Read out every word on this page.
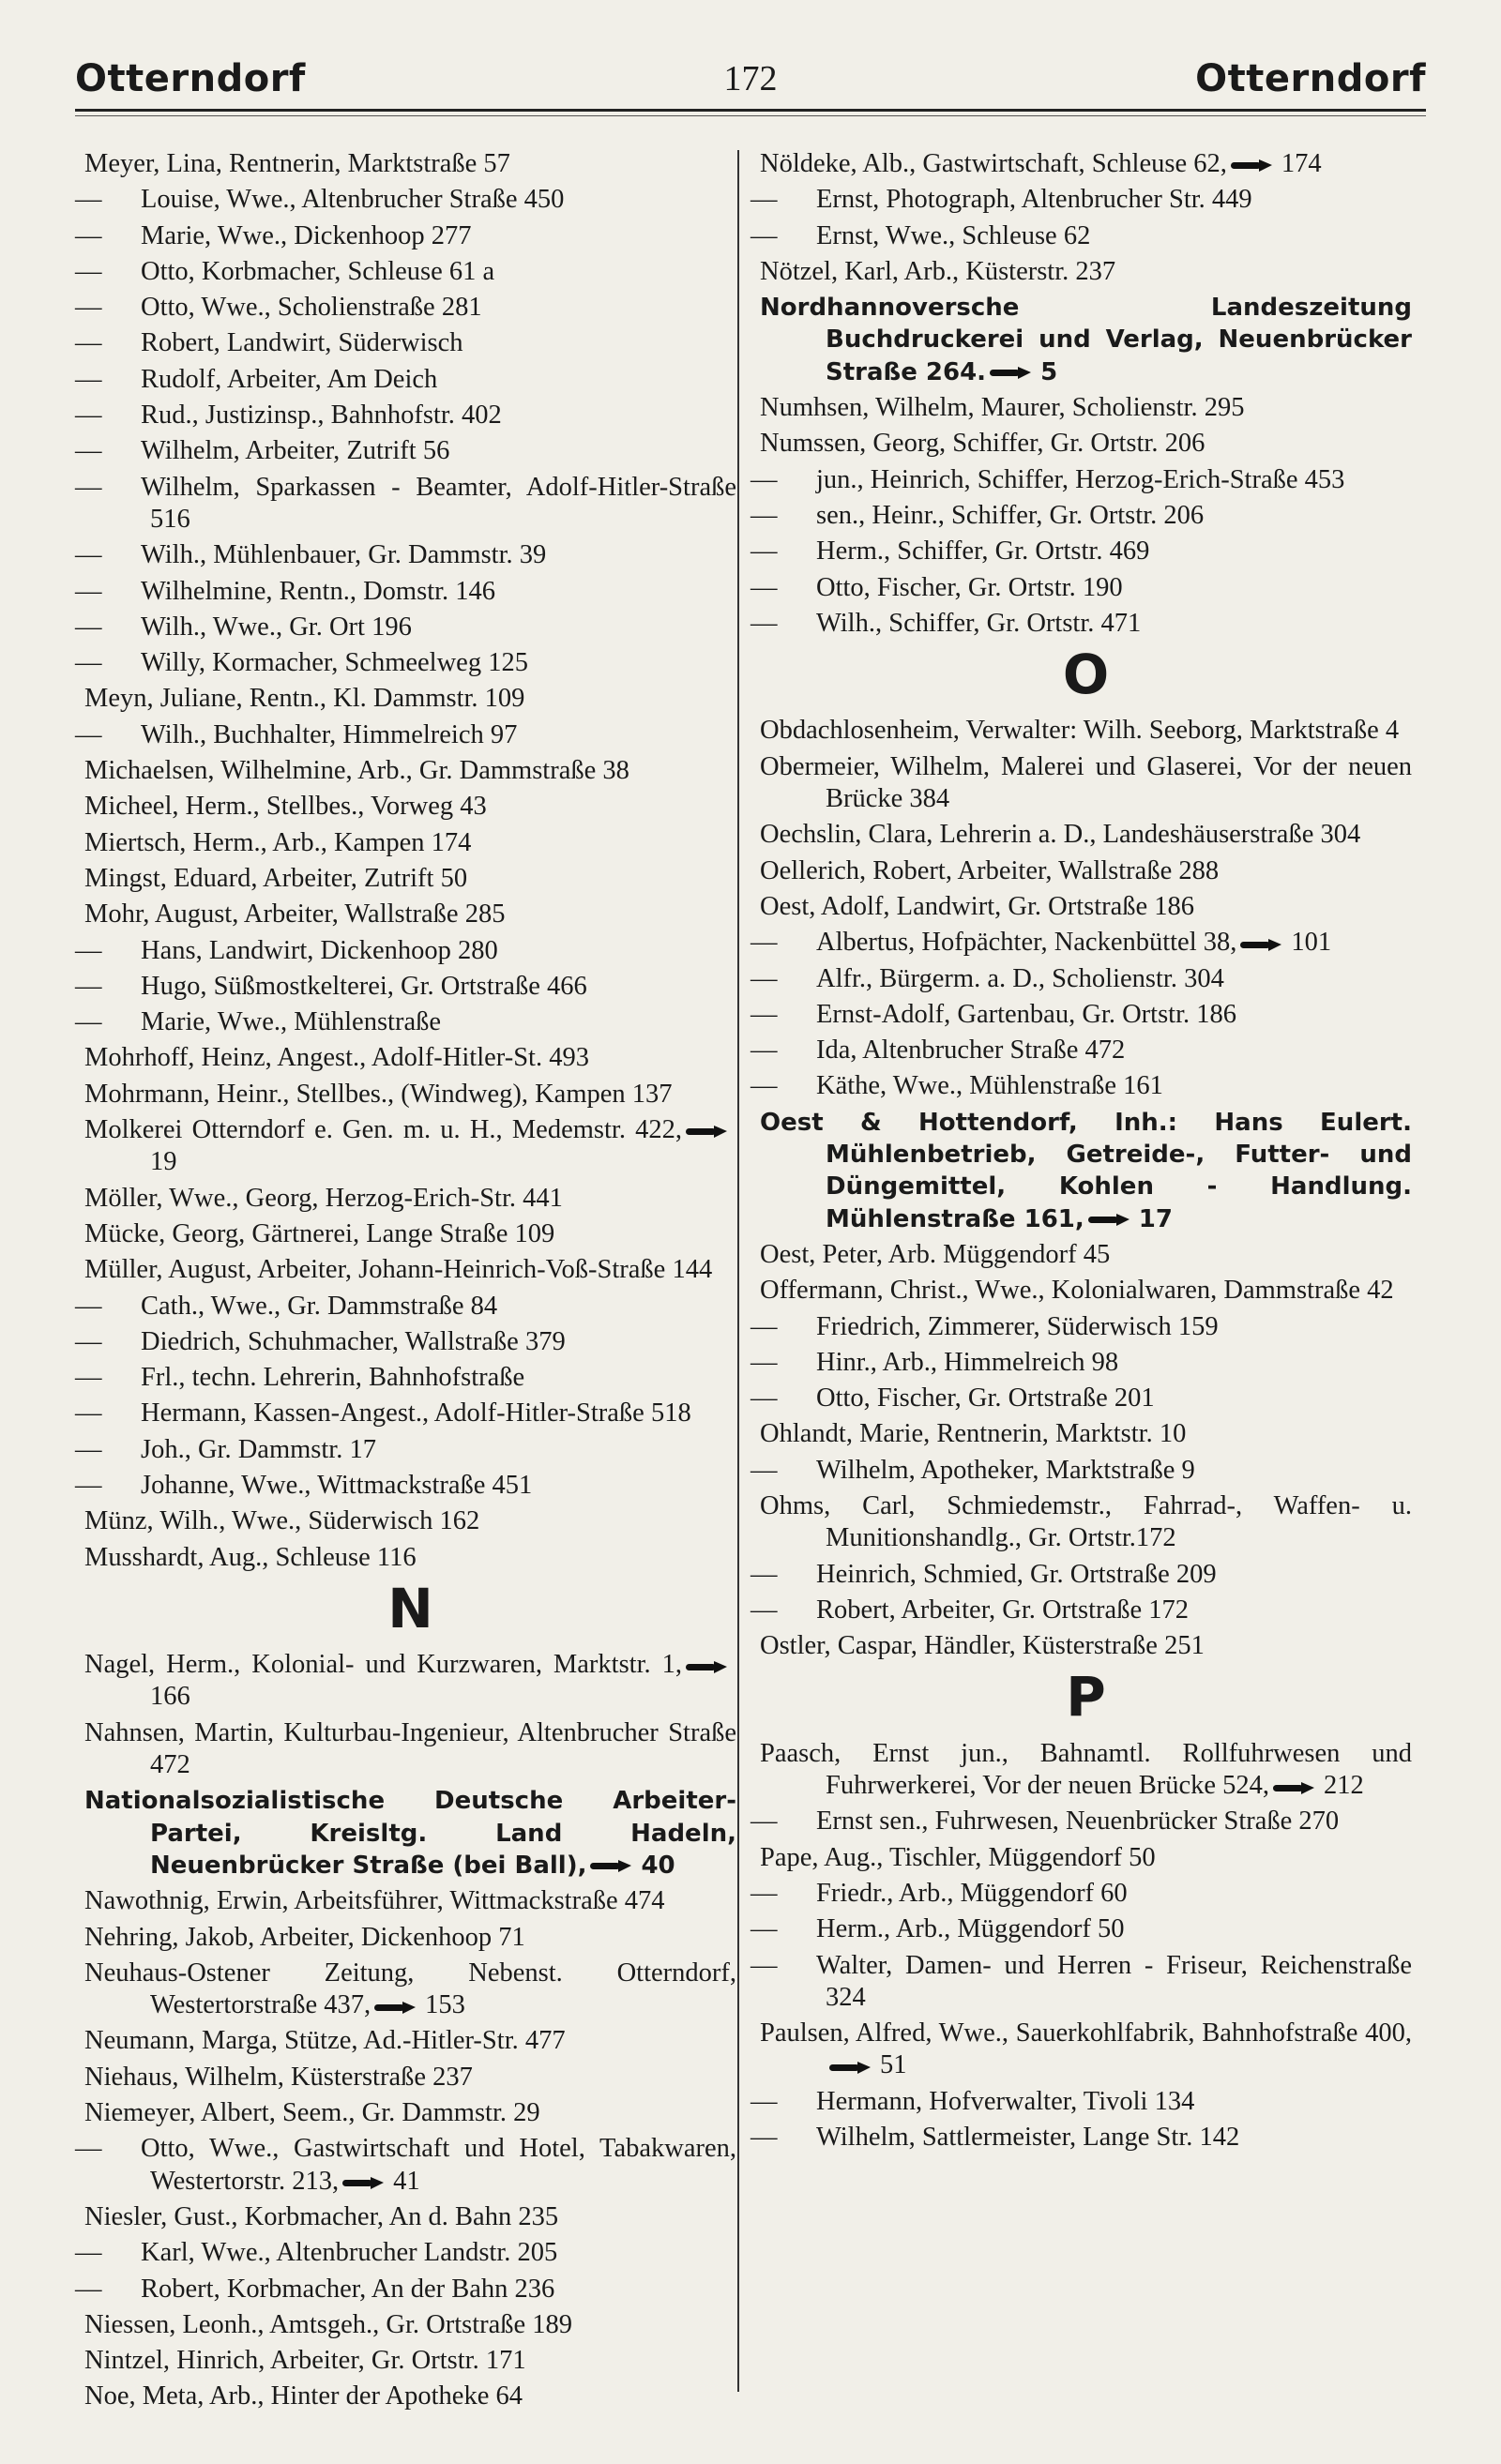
Otterndorf	172	Otterndorf
Meyer, Lina, Rentnerin, Marktstraße 57
— Louise, Wwe., Altenbrucher Straße 450
— Marie, Wwe., Dickenhoop 277
— Otto, Korbmacher, Schleuse 61 a
— Otto, Wwe., Scholienstraße 281
— Robert, Landwirt, Süderwisch
— Rudolf, Arbeiter, Am Deich
— Rud., Justizinsp., Bahnhofstr. 402
— Wilhelm, Arbeiter, Zutrift 56
— Wilhelm, Sparkassen - Beamter, Adolf-Hitler-Straße 516
— Wilh., Mühlenbauer, Gr. Dammstr. 39
— Wilhelmine, Rentn., Domstr. 146
— Wilh., Wwe., Gr. Ort 196
— Willy, Kormacher, Schmeelweg 125
Meyn, Juliane, Rentn., Kl. Dammstr. 109
— Wilh., Buchhalter, Himmelreich 97
Michaelsen, Wilhelmine, Arb., Gr. Dammstraße 38
Micheel, Herm., Stellbes., Vorweg 43
Miertsch, Herm., Arb., Kampen 174
Mingst, Eduard, Arbeiter, Zutrift 50
Mohr, August, Arbeiter, Wallstraße 285
— Hans, Landwirt, Dickenhoop 280
— Hugo, Süßmostkelterei, Gr. Ortstraße 466
— Marie, Wwe., Mühlenstraße
Mohrhoff, Heinz, Angest., Adolf-Hitler-St. 493
Mohrmann, Heinr., Stellbes., (Windweg), Kampen 137
Molkerei Otterndorf e. Gen. m. u. H., Medemstr. 422,19
Möller, Wwe., Georg, Herzog-Erich-Str. 441
Mücke, Georg, Gärtnerei, Lange Straße 109
Müller, August, Arbeiter, Johann-Heinrich-Voß-Straße 144
— Cath., Wwe., Gr. Dammstraße 84
— Diedrich, Schuhmacher, Wallstraße 379
— Frl., techn. Lehrerin, Bahnhofstraße
— Hermann, Kassen-Angest., Adolf-Hitler-Straße 518
— Joh., Gr. Dammstr. 17
— Johanne, Wwe., Wittmackstraße 451
Münz, Wilh., Wwe., Süderwisch 162
Musshardt, Aug., Schleuse 116
N
Nagel, Herm., Kolonial- und Kurzwaren, Marktstr. 1,166
Nahnsen, Martin, Kulturbau-Ingenieur, Altenbrucher Straße 472
Nationalsozialistische Deutsche Arbeiter-Partei, Kreisltg. Land Hadeln, Neuenbrücker Straße (bei Ball), 40
Nawothnig, Erwin, Arbeitsführer, Wittmackstraße 474
Nehring, Jakob, Arbeiter, Dickenhoop 71
Neuhaus-Ostener Zeitung, Nebenst. Otterndorf, Westertorstraße 437, 153
Neumann, Marga, Stütze, Ad.-Hitler-Str. 477
Niehaus, Wilhelm, Küsterstraße 237
Niemeyer, Albert, Seem., Gr. Dammstr. 29
— Otto, Wwe., Gastwirtschaft und Hotel, Tabakwaren, Westertorstr. 213, 41
Niesler, Gust., Korbmacher, An d. Bahn 235
— Karl, Wwe., Altenbrucher Landstr. 205
— Robert, Korbmacher, An der Bahn 236
Niessen, Leonh., Amtsgeh., Gr. Ortstraße 189
Nintzel, Hinrich, Arbeiter, Gr. Ortstr. 171
Noe, Meta, Arb., Hinter der Apotheke 64
Nöldeke, Alb., Gastwirtschaft, Schleuse 62, 174
— Ernst, Photograph, Altenbrucher Str. 449
— Ernst, Wwe., Schleuse 62
Nötzel, Karl, Arb., Küsterstr. 237
Nordhannoversche Landeszeitung Buchdruckerei und Verlag, Neuenbrücker Straße 264. 5
Numhsen, Wilhelm, Maurer, Scholienstr. 295
Numssen, Georg, Schiffer, Gr. Ortstr. 206
— jun., Heinrich, Schiffer, Herzog-Erich-Straße 453
— sen., Heinr., Schiffer, Gr. Ortstr. 206
— Herm., Schiffer, Gr. Ortstr. 469
— Otto, Fischer, Gr. Ortstr. 190
— Wilh., Schiffer, Gr. Ortstr. 471
O
Obdachlosenheim, Verwalter: Wilh. Seeborg, Marktstraße 4
Obermeier, Wilhelm, Malerei und Glaserei, Vor der neuen Brücke 384
Oechslin, Clara, Lehrerin a. D., Landeshäuserstraße 304
Oellerich, Robert, Arbeiter, Wallstraße 288
Oest, Adolf, Landwirt, Gr. Ortstraße 186
— Albertus, Hofpächter, Nackenbüttel 38, 101
— Alfr., Bürgerm. a. D., Scholienstr. 304
— Ernst-Adolf, Gartenbau, Gr. Ortstr. 186
— Ida, Altenbrucher Straße 472
— Käthe, Wwe., Mühlenstraße 161
Oest & Hottendorf, Inh.: Hans Eulert. Mühlenbetrieb, Getreide-, Futter- und Düngemittel, Kohlen - Handlung. Mühlenstraße 161, 17
Oest, Peter, Arb. Müggendorf 45
Offermann, Christ., Wwe., Kolonialwaren, Dammstraße 42
— Friedrich, Zimmerer, Süderwisch 159
— Hinr., Arb., Himmelreich 98
— Otto, Fischer, Gr. Ortstraße 201
Ohlandt, Marie, Rentnerin, Marktstr. 10
— Wilhelm, Apotheker, Marktstraße 9
Ohms, Carl, Schmiedemstr., Fahrrad-, Waffen- u. Munitionshandlg., Gr. Ortstr.172
— Heinrich, Schmied, Gr. Ortstraße 209
— Robert, Arbeiter, Gr. Ortstraße 172
Ostler, Caspar, Händler, Küsterstraße 251
P
Paasch, Ernst jun., Bahnamtl. Rollfuhrwesen und Fuhrwerkerei, Vor der neuen Brücke 524, 212
— Ernst sen., Fuhrwesen, Neuenbrücker Straße 270
Pape, Aug., Tischler, Müggendorf 50
— Friedr., Arb., Müggendorf 60
— Herm., Arb., Müggendorf 50
— Walter, Damen- und Herren - Friseur, Reichenstraße 324
Paulsen, Alfred, Wwe., Sauerkohlfabrik, Bahnhofstraße 400,51
— Hermann, Hofverwalter, Tivoli 134
— Wilhelm, Sattlermeister, Lange Str. 142
